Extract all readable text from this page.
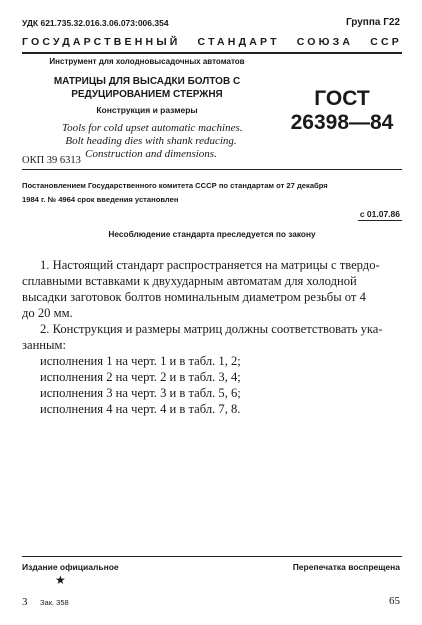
УДК 621.735.32.016.3.06.073:006.354	Группа Г22
ГОСУДАРСТВЕННЫЙ СТАНДАРТ СОЮЗА ССР
Инструмент для холодновысадочных автоматов
МАТРИЦЫ ДЛЯ ВЫСАДКИ БОЛТОВ С
РЕДУЦИРОВАНИЕМ СТЕРЖНЯ
Конструкция и размеры
Tools for cold upset automatic machines.
Bolt heading dies with shank reducing.
Construction and dimensions.
ОКП 39 6313
ГОСТ
26398—84
Постановлением Государственного комитета СССР по стандартам от 27 декабря
1984 г. № 4964 срок введения установлен
с 01.07.86
Несоблюдение стандарта преследуется по закону
1. Настоящий стандарт распространяется на матрицы с твердо-
сплавными вставками к двухударным автоматам для холодной
высадки заготовок болтов номинальным диаметром резьбы от 4
до 20 мм.
2. Конструкция и размеры матриц должны соответствовать ука-
занным:
исполнения 1 на черт. 1 и в табл. 1, 2;
исполнения 2 на черт. 2 и в табл. 3, 4;
исполнения 3 на черт. 3 и в табл. 5, 6;
исполнения 4 на черт. 4 и в табл. 7, 8.
Издание официальное	Перепечатка воспрещена
★
3 Зак. 358	65
